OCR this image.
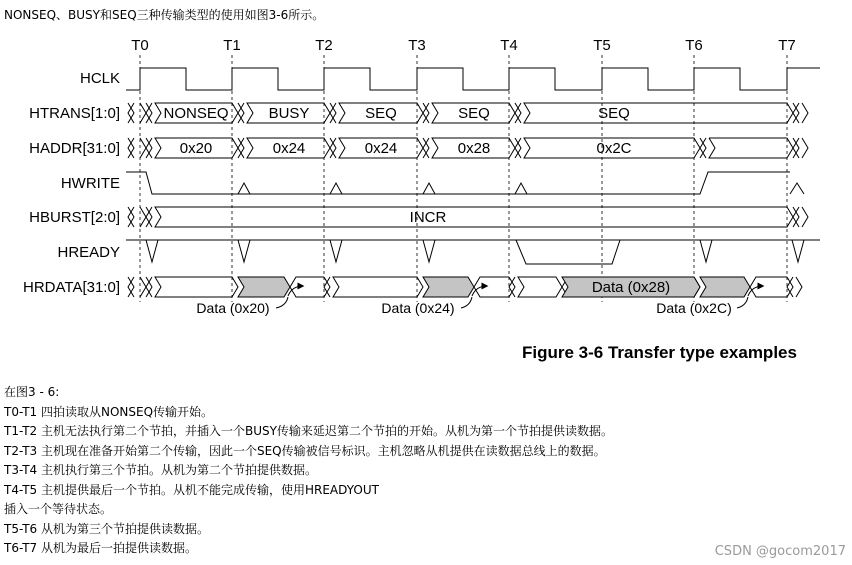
NONSEQ、BUSY和SEQ三种传输类型的使用如图3-6所示。
T0	T1	T2	T3	T4	T5	T6	T7
HCLK
HTRANS[1:0]
HADDR[31:0]
HWRITE
HBURST[2:0]
HREADY
HRDATA[31:0]
NONSEQ	BUSY	SEQ	SEQ	SEQ
0x20	0x24	0x24	0x28	0x2C
INCR
Data (0x28)
Data (0x20)	Data (0x24)	Data (0x2C)
Figure 3-6 Transfer type examples
在图3 - 6:
T0-T1 四拍读取从NONSEQ传输开始。
T1-T2 主机无法执行第二个节拍，并插入一个BUSY传输来延迟第二个节拍的开始。从机为第一个节拍提供读数据。
T2-T3 主机现在准备开始第二个传输，因此一个SEQ传输被信号标识。主机忽略从机提供在读数据总线上的数据。
T3-T4 主机执行第三个节拍。从机为第二个节拍提供数据。
T4-T5 主机提供最后一个节拍。从机不能完成传输，使用HREADYOUT
插入一个等待状态。
T5-T6 从机为第三个节拍提供读数据。
T6-T7 从机为最后一拍提供读数据。	CSDN @gocom2017
